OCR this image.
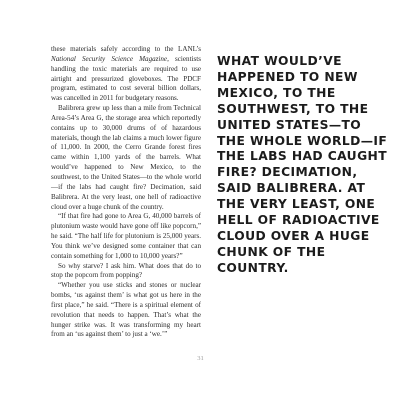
these materials safely according to the LANL’s National Security Science Magazine, scientists handling the toxic materials are required to use airtight and pressurized gloveboxes. The PDCF program, estimated to cost several billion dollars, was cancelled in 2011 for budgetary reasons.

Balibrera grew up less than a mile from Technical Area-54’s Area G, the storage area which reportedly contains up to 30,000 drums of of hazardous materials, though the lab claims a much lower figure of 11,000. In 2000, the Cerro Grande forest fires came within 1,100 yards of the barrels. What would’ve happened to New Mexico, to the southwest, to the United States—to the whole world—if the labs had caught fire? Decimation, said Balibrera. At the very least, one hell of radioactive cloud over a huge chunk of the country.

“If that fire had gone to Area G, 40,000 barrels of plutonium waste would have gone off like popcorn,” he said. “The half life for plutonium is 25,000 years. You think we’ve designed some container that can contain something for 1,000 to 10,000 years?”

So why starve? I ask him. What does that do to stop the popcorn from popping?

“Whether you use sticks and stones or nuclear bombs, ‘us against them’ is what got us here in the first place,” he said. “There is a spiritual element of revolution that needs to happen. That’s what the hunger strike was. It was transforming my heart from an ‘us against them’ to just a ‘we.’”

WHAT WOULD’VE HAPPENED TO NEW MEXICO, TO THE SOUTHWEST, TO THE UNITED STATES—TO THE WHOLE WORLD—IF THE LABS HAD CAUGHT FIRE? DECIMATION, SAID BALIBRERA. AT THE VERY LEAST, ONE HELL OF RADIOACTIVE CLOUD OVER A HUGE CHUNK OF THE COUNTRY.

31
